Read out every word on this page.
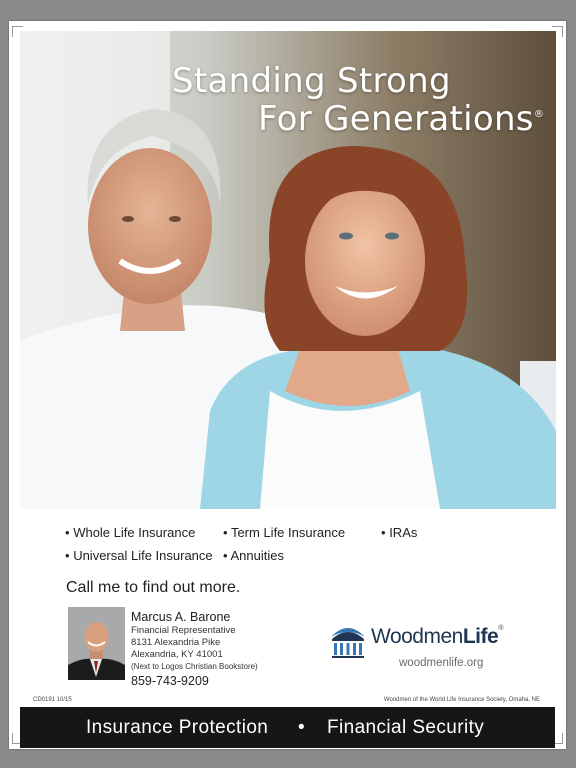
Standing Strong
For Generations®
• Whole Life Insurance • Term Life Insurance	• IRAs
• Universal Life Insurance • Annuities
Call me to find out more.
Marcus A. Barone
Financial Representative
8131 Alexandria Pike
Alexandria, KY 41001
(Next to Logos Christian Bookstore)
859-743-9209
WoodmenLife®
woodmenlife.org
CD0191 10/15	Woodmen of the World Life Insurance Society, Omaha, NE
Insurance Protection • Financial Security
